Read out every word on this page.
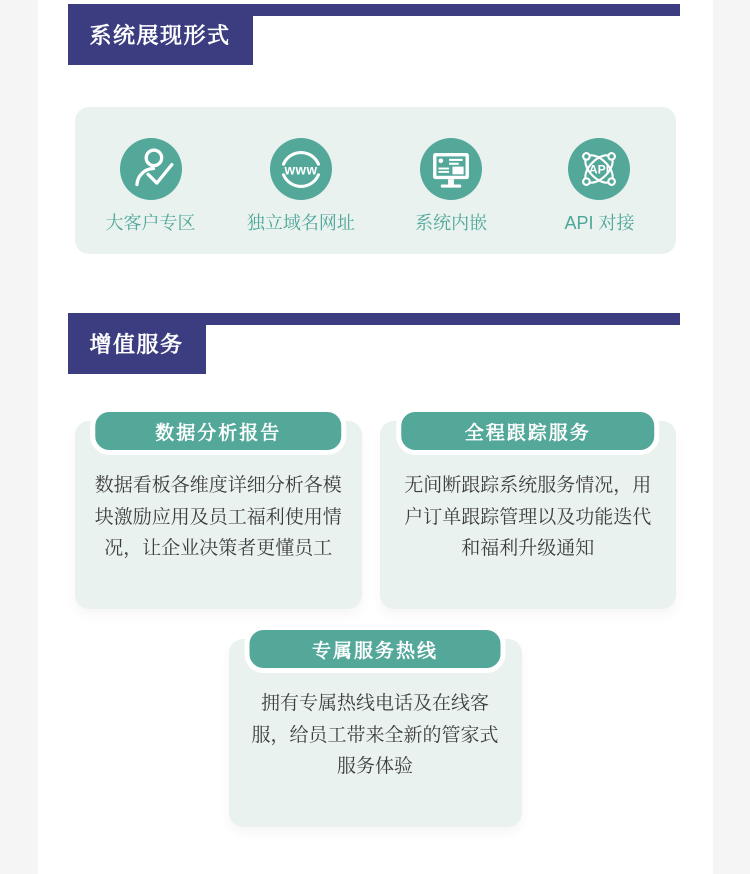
系统展现形式
大客户专区
www
独立域名网址	系统内嵌
API
API 对接
增值服务
数据分析报告

数据看板各维度详细分析各模块激励应用及员工福利使用情况，让企业决策者更懂员工

全程跟踪服务

无间断跟踪系统服务情况，用户订单跟踪管理以及功能迭代和福利升级通知

专属服务热线

拥有专属热线电话及在线客服，给员工带来全新的管家式服务体验
